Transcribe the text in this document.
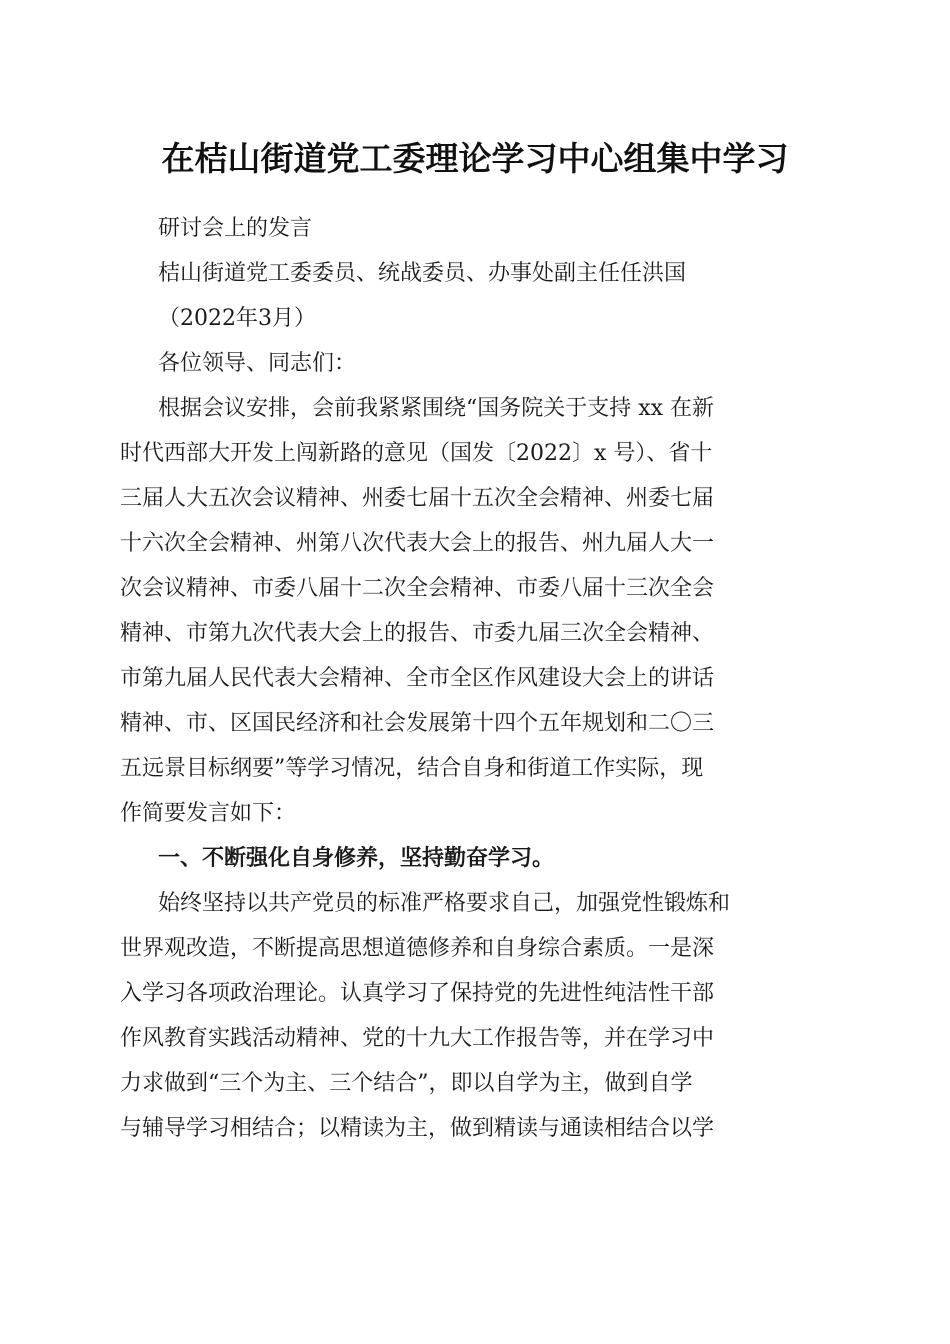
在桔山街道党工委理论学习中心组集中学习
研讨会上的发言
桔山街道党工委委员、统战委员、办事处副主任任洪国
（2022年3月）
各位领导、同志们：
根据会议安排，会前我紧紧围绕“国务院关于支持 xx 在新
时代西部大开发上闯新路的意见（国发〔2022〕x 号）、省十
三届人大五次会议精神、州委七届十五次全会精神、州委七届
十六次全会精神、州第八次代表大会上的报告、州九届人大一
次会议精神、市委八届十二次全会精神、市委八届十三次全会
精神、市第九次代表大会上的报告、市委九届三次全会精神、
市第九届人民代表大会精神、全市全区作风建设大会上的讲话
精神、市、区国民经济和社会发展第十四个五年规划和二〇三
五远景目标纲要”等学习情况，结合自身和街道工作实际，现
作简要发言如下：
一、不断强化自身修养，坚持勤奋学习。
始终坚持以共产党员的标准严格要求自己，加强党性锻炼和
世界观改造，不断提高思想道德修养和自身综合素质。一是深
入学习各项政治理论。认真学习了保持党的先进性纯洁性干部
作风教育实践活动精神、党的十九大工作报告等，并在学习中
力求做到“三个为主、三个结合”，即以自学为主，做到自学
与辅导学习相结合；以精读为主，做到精读与通读相结合以学
